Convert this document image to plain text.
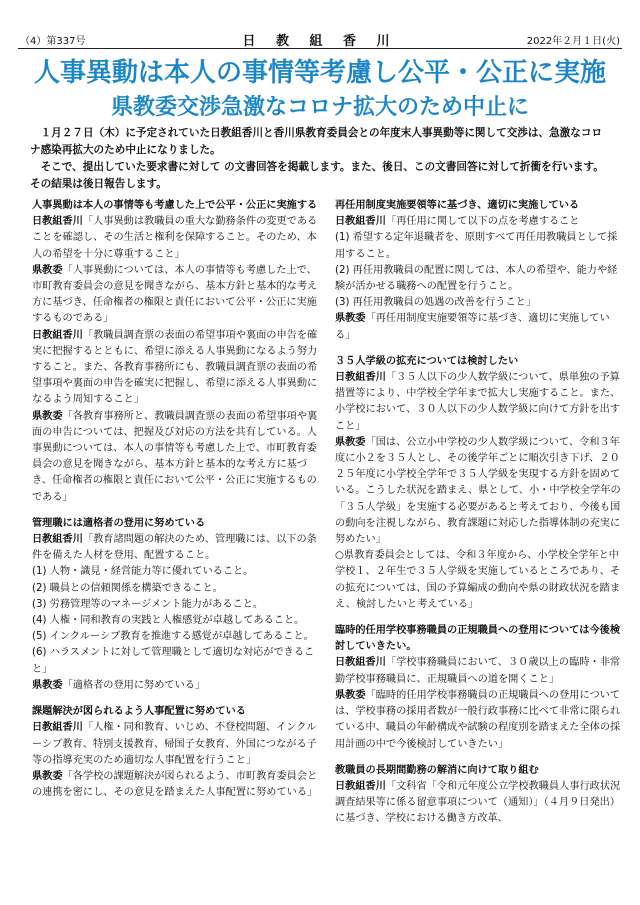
（4）第337号	日 教 組 香 川	2022年２月１日(火)
人事異動は本人の事情等考慮し公平・公正に実施
県教委交渉急激なコロナ拡大のため中止に

１月２７日（木）に予定されていた日教組香川と香川県教育委員会との年度末人事異動等に関して交渉は、急激なコロナ感染再拡大のため中止になりました。

そこで、提出していた要求書に対して の文書回答を掲載します。また、後日、この文書回答に対して折衝を行います。その結果は後日報告します。

人事異動は本人の事情等も考慮した上で公平・公正に実施する
日教組香川「人事異動は教職員の重大な勤務条件の変更であることを確認し、その生活と権利を保障すること。そのため、本人の希望を十分に尊重すること」
県教委「人事異動については、本人の事情等も考慮した上で、市町教育委員会の意見を聞きながら、基本方針と基本的な考え方に基づき、任命権者の権限と責任において公平・公正に実施するものである」
日教組香川「教職員調査票の表面の希望事項や裏面の申告を確実に把握するとともに、希望に添える人事異動になるよう努力すること。また、各教育事務所にも、教職員調査票の表面の希望事項や裏面の申告を確実に把握し、希望に添える人事異動になるよう周知すること」
県教委「各教育事務所と、教職員調査票の表面の希望事項や裏面の申告については、把握及び対応の方法を共有している。人事異動については、本人の事情等も考慮した上で、市町教育委員会の意見を聞きながら、基本方針と基本的な考え方に基づき、任命権者の権限と責任において公平・公正に実施するものである」
管理職には適格者の登用に努めている
日教組香川「教育諸問題の解決のため、管理職には、以下の条件を備えた人材を登用、配置すること。
(1) 人物・識見・経営能力等に優れていること。
(2) 職員との信頼関係を構築できること。
(3) 労務管理等のマネージメント能力があること。
(4) 人権・同和教育の実践と人権感覚が卓越してあること。
(5) インクルーシブ教育を推進する感覚が卓越してあること。
(6) ハラスメントに対して管理職として適切な対応ができること」
県教委「適格者の登用に努めている」
課題解決が図られるよう人事配置に努めている
日教組香川「人権・同和教育、いじめ、不登校問題、インクルーシブ教育、特別支援教育、帰国子女教育、外国につながる子等の指導充実のため適切な人事配置を行うこと」
県教委「各学校の課題解決が図られるよう、市町教育委員会との連携を密にし、その意見を踏まえた人事配置に努めている」
再任用制度実施要領等に基づき、適切に実施している
日教組香川「再任用に関して以下の点を考慮すること
(1) 希望する定年退職者を、原則すべて再任用教職員として採用すること。
(2) 再任用教職員の配置に関しては、本人の希望や、能力や経験が活かせる職務への配置を行うこと。
(3) 再任用教職員の処遇の改善を行うこと」
県教委「再任用制度実施要領等に基づき、適切に実施している」
３５人学級の拡充については検討したい
日教組香川「３５人以下の少人数学級について、県単独の予算措置等により、中学校全学年まで拡大し実施すること。また、小学校において、３０人以下の少人数学級に向けて方針を出すこと」
県教委「国は、公立小中学校の少人数学級について、令和３年度に小２を３５人とし、その後学年ごとに順次引き下げ、２０２５年度に小学校全学年で３５人学級を実現する方針を固めている。こうした状況を踏まえ、県として、小・中学校全学年の「３５人学級」を実施する必要があると考えており、今後も国の動向を注視しながら、教育課題に対応した指導体制の充実に努めたい」
○県教育委員会としては、令和３年度から、小学校全学年と中学校１、２年生で３５人学級を実施しているところであり、その拡充については、国の予算編成の動向や県の財政状況を踏まえ、検討したいと考えている」
臨時的任用学校事務職員の正規職員への登用については今後検討していきたい。
日教組香川「学校事務職員において、３０歳以上の臨時・非常勤学校事務職員に、正規職員への道を開くこと」
県教委「臨時的任用学校事務職員の正規職員への登用については、学校事務の採用者数が一般行政事務に比べて非常に限られている中、職員の年齢構成や試験の程度別を踏まえた全体の採用計画の中で今後検討していきたい」
教職員の長期間勤務の解消に向けて取り組む
日教組香川「文科省「令和元年度公立学校教職員人事行政状況調査結果等に係る留意事項について（通知）」（４月９日発出）に基づき、学校における働き方改革、
